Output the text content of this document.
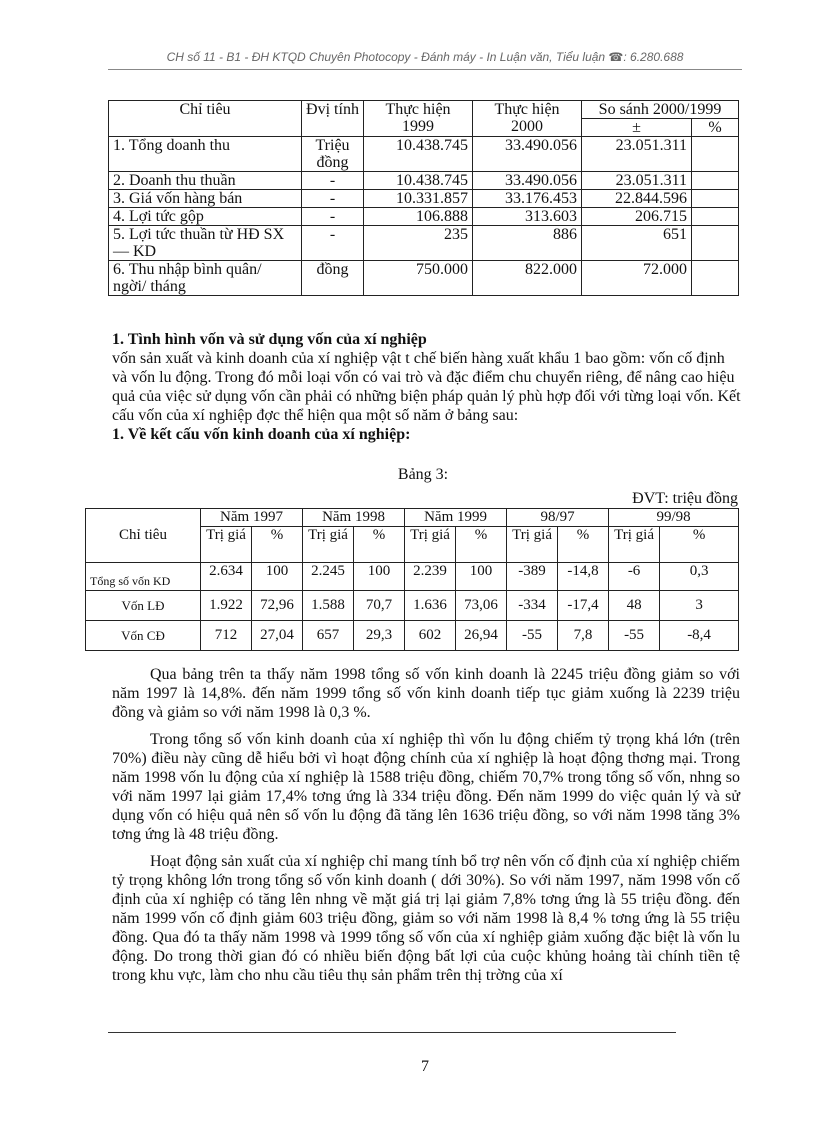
CH số 11 - B1 - ĐH KTQD Chuyên Photocopy - Đánh máy - In Luận văn, Tiểu luận ☎: 6.280.688
Chỉ tiêu	Đvị tính	Thực hiện 1999	Thực hiện 2000	So sánh 2000/1999	
				±	%
1. Tổng doanh thu	Triệu đồng	10.438.745	33.490.056	23.051.311	
2. Doanh thu thuần	-	10.438.745	33.490.056	23.051.311	
3. Giá vốn hàng bán	-	10.331.857	33.176.453	22.844.596	
4. Lợi tức gộp	-	106.888	313.603	206.715	
5. Lợi tức thuần từ HĐ SX — KD	-	235	886	651	
6. Thu nhập bình quân/ ngời/ tháng	đồng	750.000	822.000	72.000	
1. Tình hình vốn và sử dụng vốn của xí nghiệp
vốn sản xuất và kinh doanh của xí nghiệp vật t chế biến hàng xuất khẩu 1 bao gồm: vốn cố định và vốn lu động. Trong đó mỗi loại vốn có vai trò và đặc điểm chu chuyển riêng, để nâng cao hiệu quả của việc sử dụng vốn cần phải có những biện pháp quản lý phù hợp đối với từng loại vốn. Kết cấu vốn của xí nghiệp đợc thể hiện qua một số năm ở bảng sau:
1. Về kết cấu vốn kinh doanh của xí nghiệp:
Bảng 3:
ĐVT: triệu đồng
Chỉ tiêu	Năm 1997		Năm 1998		Năm 1999		98/97		99/98	
	Trị giá	%	Trị giá	%	Trị giá	%	Trị giá	%	Trị giá	%
Tổng số vốn KD	2.634	100	2.245	100	2.239	100	-389	-14,8	-6	0,3
Vốn LĐ	1.922	72,96	1.588	70,7	1.636	73,06	-334	-17,4	48	3
Vốn CĐ	712	27,04	657	29,3	602	26,94	-55	7,8	-55	-8,4

Qua bảng trên ta thấy năm 1998 tổng số vốn kinh doanh là 2245 triệu đồng giảm so với năm 1997 là 14,8%. đến năm 1999 tổng số vốn kinh doanh tiếp tục giảm xuống là 2239 triệu đồng và giảm so với năm 1998 là 0,3 %.

Trong tổng số vốn kinh doanh của xí nghiệp thì vốn lu động chiếm tỷ trọng khá lớn (trên 70%) điều này cũng dễ hiểu bởi vì hoạt động chính của xí nghiệp là hoạt động thơng mại. Trong năm 1998 vốn lu động của xí nghiệp là 1588 triệu đồng, chiếm 70,7% trong tổng số vốn, nhng so với năm 1997 lại giảm 17,4% tơng ứng là 334 triệu đồng. Đến năm 1999 do việc quản lý và sử dụng vốn có hiệu quả nên số vốn lu động đã tăng lên 1636 triệu đồng, so với năm 1998 tăng 3% tơng ứng là 48 triệu đồng.

Hoạt động sản xuất của xí nghiệp chỉ mang tính bổ trợ nên vốn cố định của xí nghiệp chiếm tỷ trọng không lớn trong tổng số vốn kinh doanh ( dới 30%). So với năm 1997, năm 1998 vốn cố định của xí nghiệp có tăng lên nhng về mặt giá trị lại giảm 7,8% tơng ứng là 55 triệu đồng. đến năm 1999 vốn cố định giảm 603 triệu đồng, giảm so với năm 1998 là 8,4 % tơng ứng là 55 triệu đồng. Qua đó ta thấy năm 1998 và 1999 tổng số vốn của xí nghiệp giảm xuống đặc biệt là vốn lu động. Do trong thời gian đó có nhiều biến động bất lợi của cuộc khủng hoảng tài chính tiền tệ trong khu vực, làm cho nhu cầu tiêu thụ sản phẩm trên thị trờng của xí

7
